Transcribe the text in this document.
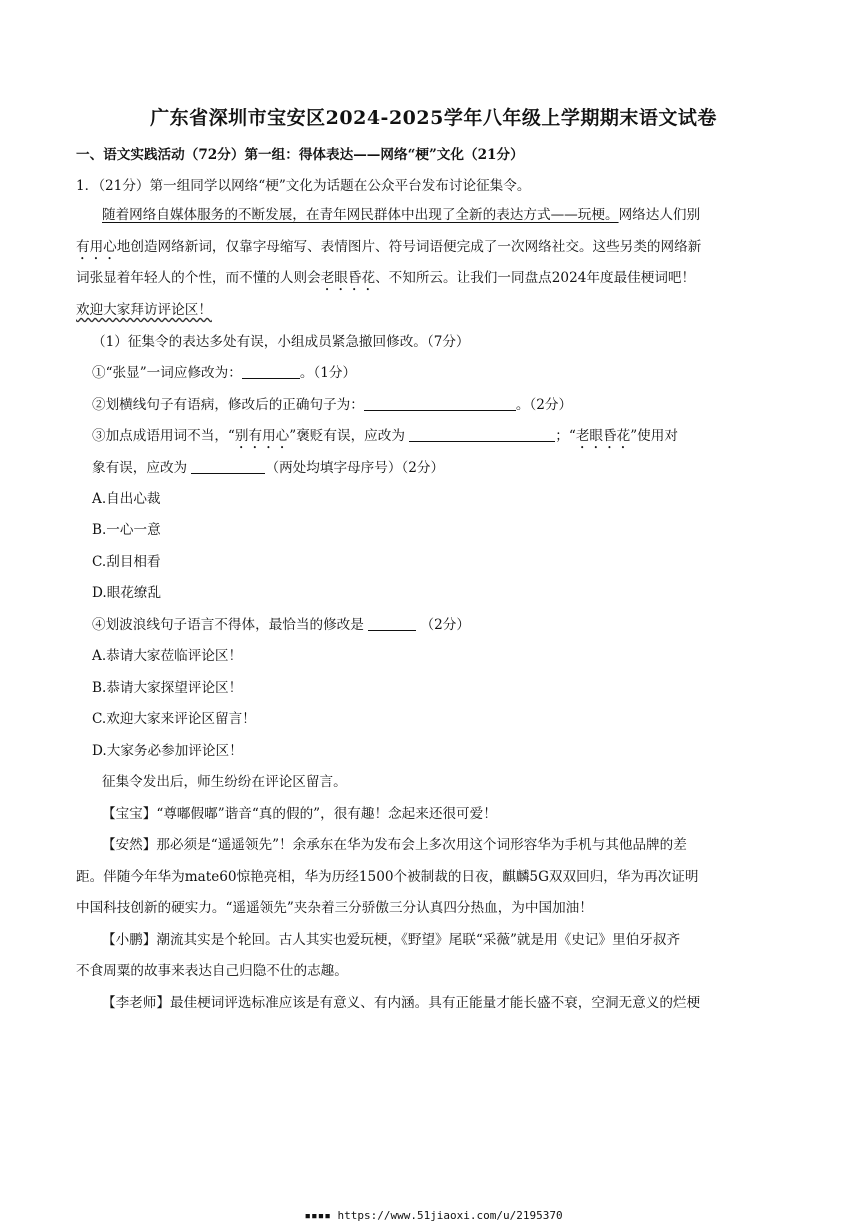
广东省深圳市宝安区2024-2025学年八年级上学期期末语文试卷
一、语文实践活动（72分）第一组：得体表达——网络“梗”文化（21分）
1．（21分）第一组同学以网络“梗”文化为话题在公众平台发布讨论征集令。
随着网络自媒体服务的不断发展，在青年网民群体中出现了全新的表达方式——玩梗。网络达人们别
有用心地创造网络新词，仅靠字母缩写、表情图片、符号词语便完成了一次网络社交。这些另类的网络新
词张显着年轻人的个性，而不懂的人则会老眼昏花、不知所云。让我们一同盘点2024年度最佳梗词吧！
欢迎大家拜访评论区！
（1）征集令的表达多处有误，小组成员紧急撤回修改。（7分）
①“张显”一词应修改为：	。（1分）
②划横线句子有语病，修改后的正确句子为：	。（2分）
③加点成语用词不当，“别有用心”褒贬有误，应改为	；“老眼昏花”使用对
象有误，应改为	（两处均填字母序号）（2分）
A.自出心裁
B.一心一意
C.刮目相看
D.眼花缭乱
④划波浪线句子语言不得体，最恰当的修改是	（2分）
A.恭请大家莅临评论区！
B.恭请大家探望评论区！
C.欢迎大家来评论区留言！
D.大家务必参加评论区！
征集令发出后，师生纷纷在评论区留言。
【宝宝】“尊嘟假嘟”谐音“真的假的”，很有趣！念起来还很可爱！
【安然】那必须是“遥遥领先”！余承东在华为发布会上多次用这个词形容华为手机与其他品牌的差
距。伴随今年华为mate60惊艳亮相，华为历经1500个被制裁的日夜，麒麟5G双双回归，华为再次证明
中国科技创新的硬实力。“遥遥领先”夹杂着三分骄傲三分认真四分热血，为中国加油！
【小鹏】潮流其实是个轮回。古人其实也爱玩梗，《野望》尾联“采薇”就是用《史记》里伯牙叔齐
不食周粟的故事来表达自己归隐不仕的志趣。
【李老师】最佳梗词评选标准应该是有意义、有内涵。具有正能量才能长盛不衰，空洞无意义的烂梗
▪▪▪▪ https://www.51jiaoxi.com/u/2195370
